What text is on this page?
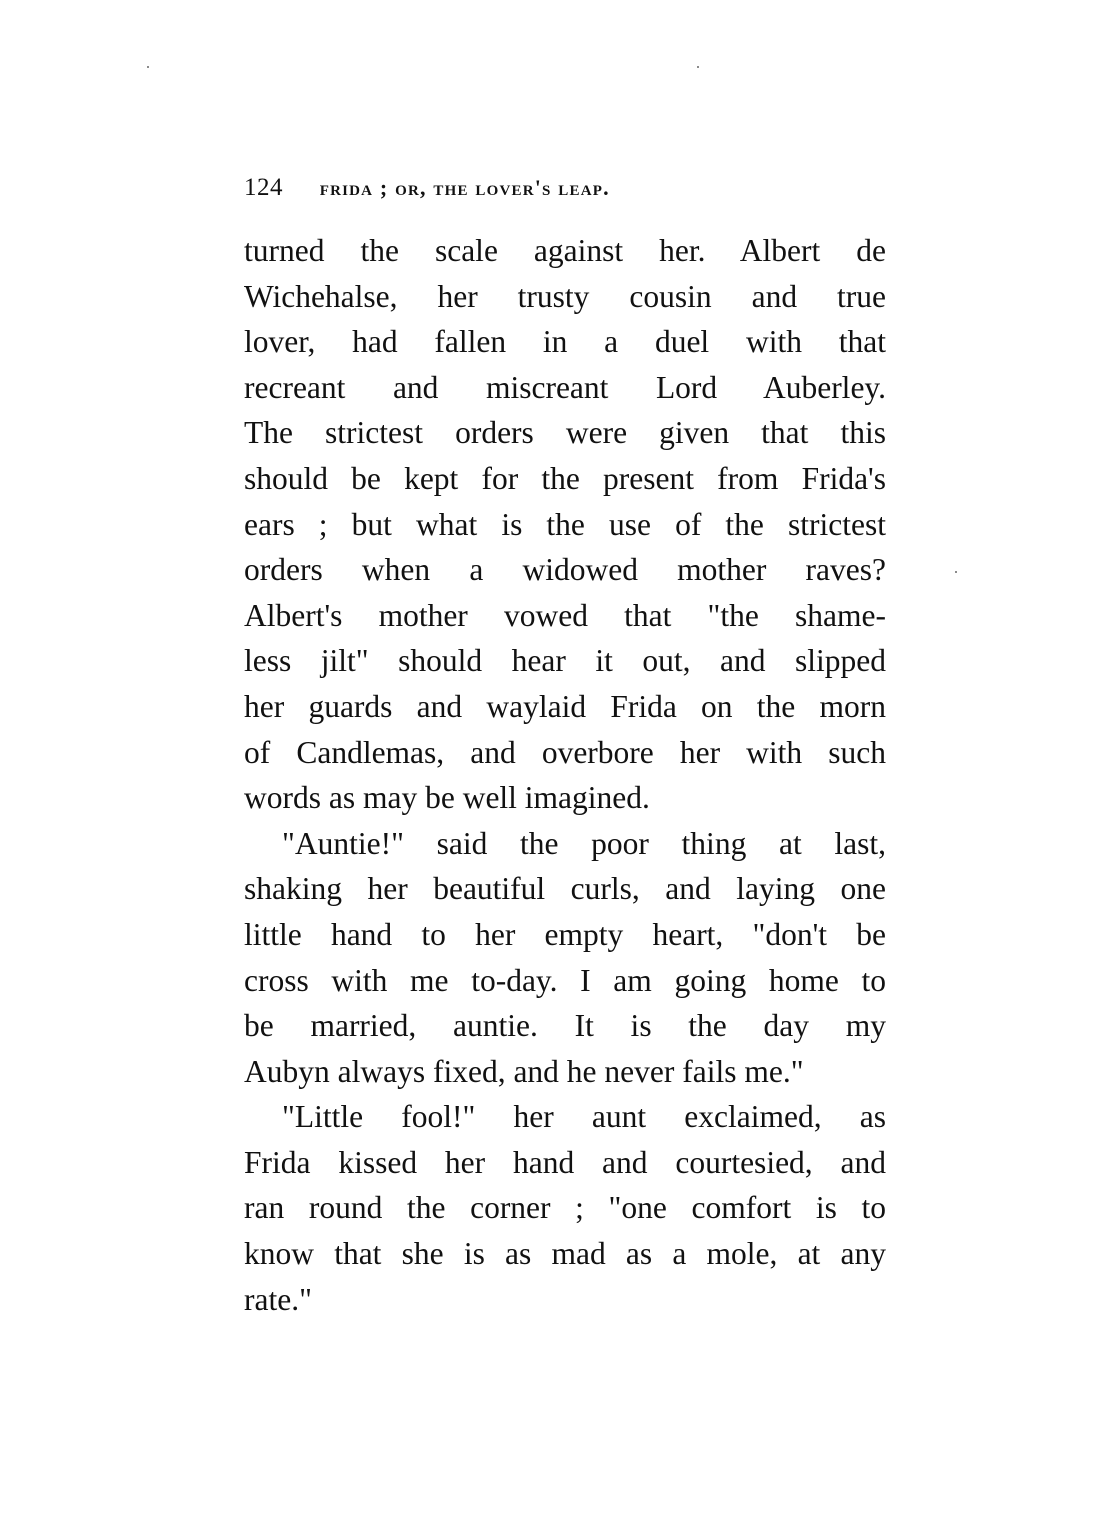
124 frida ; or, the lover's leap.
turned the scale against her. Albert de
Wichehalse, her trusty cousin and true
lover, had fallen in a duel with that
recreant and miscreant Lord Auberley.
The strictest orders were given that this
should be kept for the present from Frida's
ears ; but what is the use of the strictest
orders when a widowed mother raves?
Albert's mother vowed that "the shame-
less jilt" should hear it out, and slipped
her guards and waylaid Frida on the morn
of Candlemas, and overbore her with such
words as may be well imagined.
"Auntie!" said the poor thing at last,
shaking her beautiful curls, and laying one
little hand to her empty heart, "don't be
cross with me to-day. I am going home to
be married, auntie. It is the day my
Aubyn always fixed, and he never fails me."
"Little fool!" her aunt exclaimed, as
Frida kissed her hand and courtesied, and
ran round the corner ; "one comfort is to
know that she is as mad as a mole, at any
rate."
